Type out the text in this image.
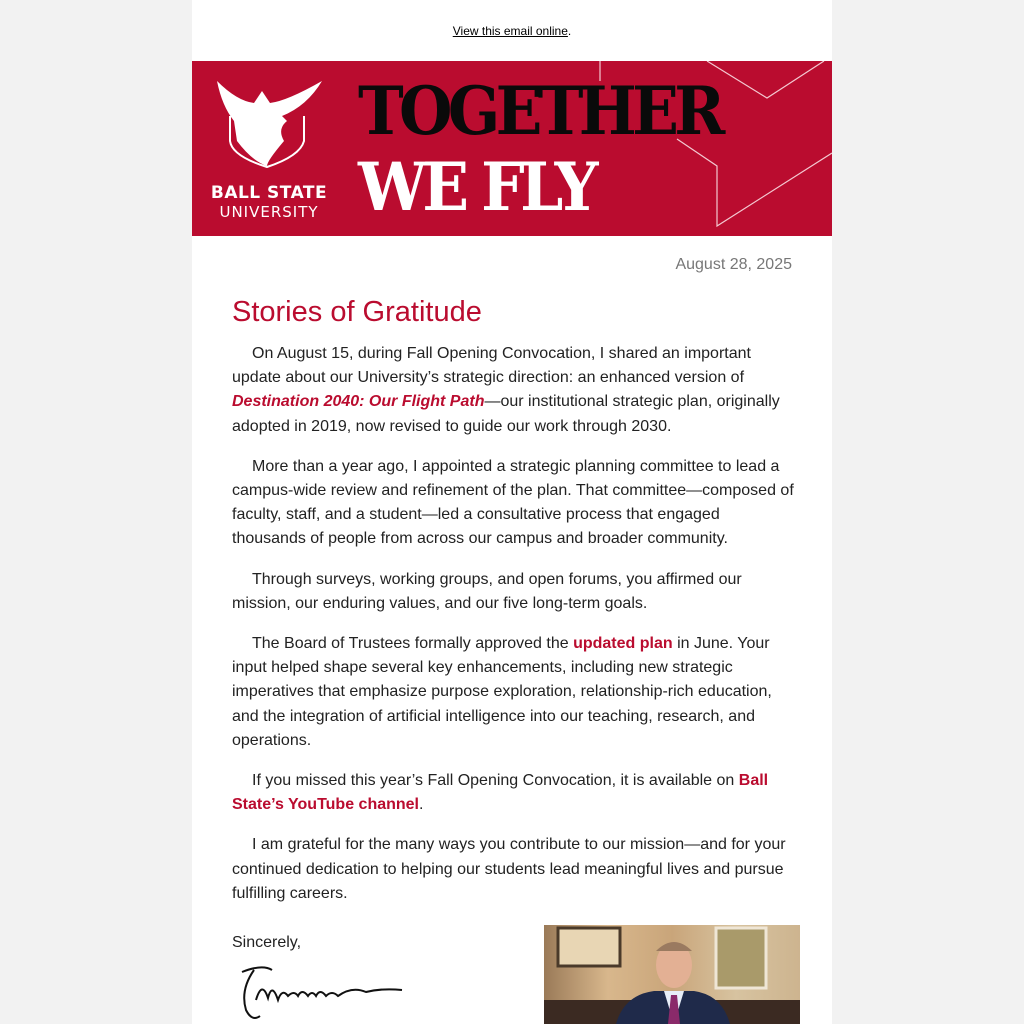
View this email online.
BALL STATE
UNIVERSITY
TOGETHER
WE FLY
August 28, 2025
Stories of Gratitude

On August 15, during Fall Opening Convocation, I shared an important update about our University’s strategic direction: an enhanced version of Destination 2040: Our Flight Path—our institutional strategic plan, originally adopted in 2019, now revised to guide our work through 2030.

More than a year ago, I appointed a strategic planning committee to lead a campus-wide review and refinement of the plan. That committee—composed of faculty, staff, and a student—led a consultative process that engaged thousands of people from across our campus and broader community.

Through surveys, working groups, and open forums, you affirmed our mission, our enduring values, and our five long-term goals.

The Board of Trustees formally approved the updated plan in June. Your input helped shape several key enhancements, including new strategic imperatives that emphasize purpose exploration, relationship-rich education, and the integration of artificial intelligence into our teaching, research, and operations.

If you missed this year’s Fall Opening Convocation, it is available on Ball State’s YouTube channel.

I am grateful for the many ways you contribute to our mission—and for your continued dedication to helping our students lead meaningful lives and pursue fulfilling careers.

Sincerely,
